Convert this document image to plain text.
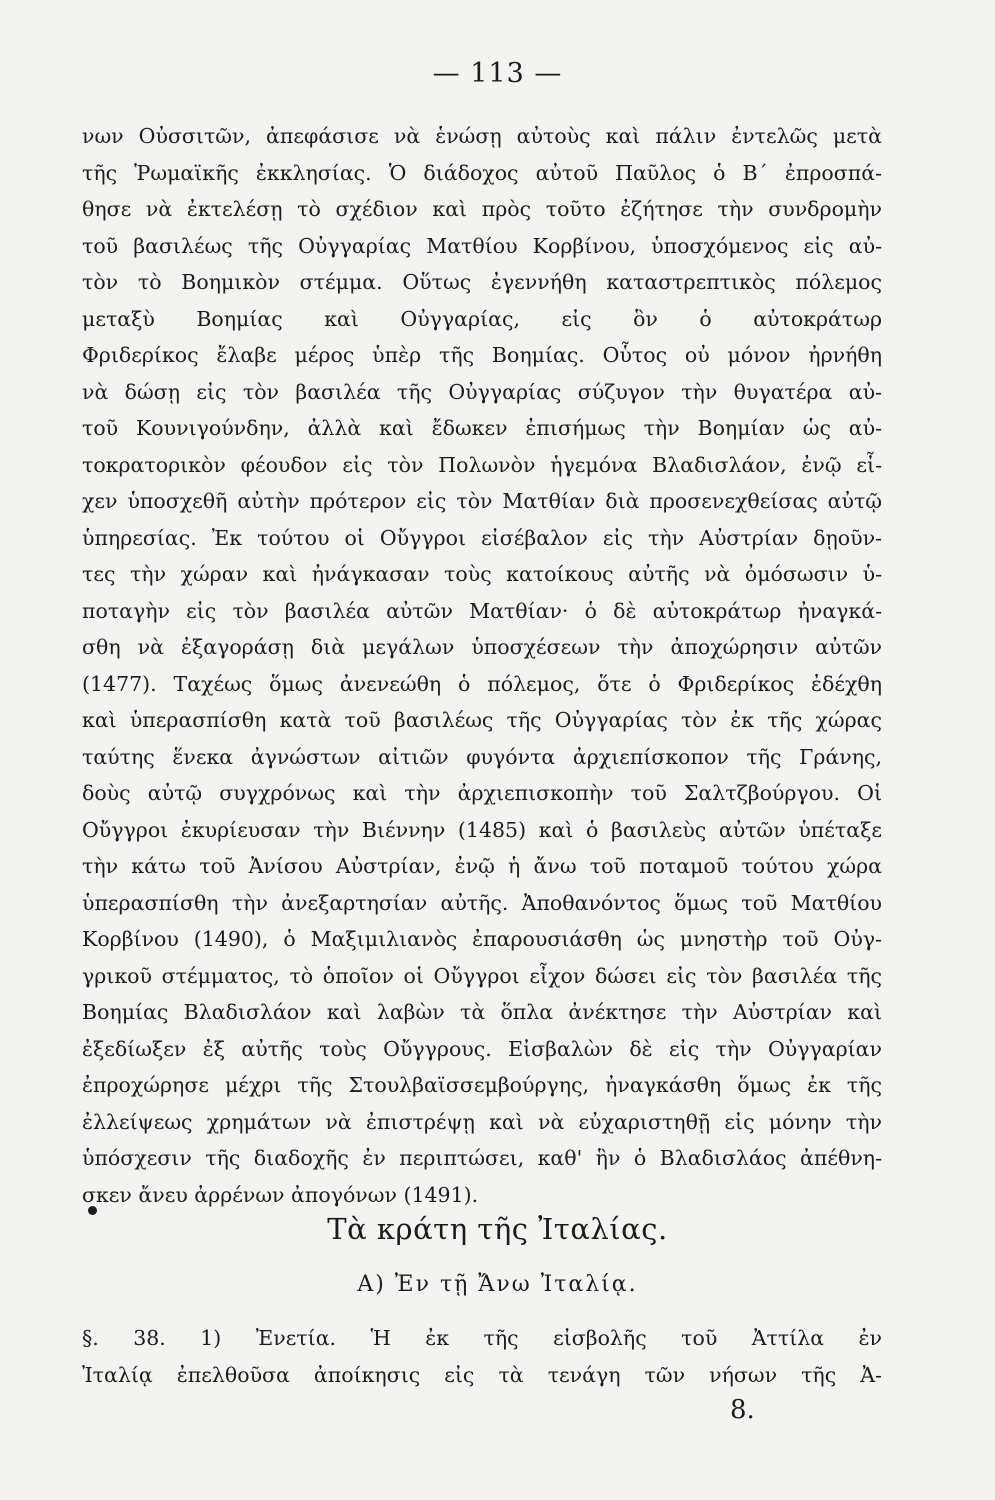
— 113 —
νων Οὐσσιτῶν, ἀπεφάσισε νὰ ἑνώσῃ αὐτοὺς καὶ πάλιν ἐντελῶς μετὰ
τῆς Ῥωμαϊκῆς ἐκκλησίας. Ὁ διάδοχος αὐτοῦ Παῦλος ὁ Β´ ἐπροσπά-
θησε νὰ ἐκτελέσῃ τὸ σχέδιον καὶ πρὸς τοῦτο ἐζήτησε τὴν συνδρομὴν
τοῦ βασιλέως τῆς Οὐγγαρίας Ματθίου Κορβίνου, ὑποσχόμενος εἰς αὐ-
τὸν τὸ Βοημικὸν στέμμα. Οὕτως ἐγεννήθη καταστρεπτικὸς πόλεμος
μεταξὺ Βοημίας καὶ Οὐγγαρίας, εἰς ὃν ὁ αὐτοκράτωρ
Φριδερίκος ἔλαβε μέρος ὑπὲρ τῆς Βοημίας. Οὗτος οὐ μόνον ἠρνήθη
νὰ δώσῃ εἰς τὸν βασιλέα τῆς Οὐγγαρίας σύζυγον τὴν θυγατέρα αὐ-
τοῦ Κουνιγούνδην, ἀλλὰ καὶ ἔδωκεν ἐπισήμως τὴν Βοημίαν ὡς αὐ-
τοκρατορικὸν φέουδον εἰς τὸν Πολωνὸν ἡγεμόνα Βλαδισλάον, ἐνῷ εἶ-
χεν ὑποσχεθῆ αὐτὴν πρότερον εἰς τὸν Ματθίαν διὰ προσενεχθείσας αὐτῷ
ὑπηρεσίας. Ἐκ τούτου οἱ Οὔγγροι εἰσέβαλον εἰς τὴν Αὐστρίαν δῃοῦν-
τες τὴν χώραν καὶ ἠνάγκασαν τοὺς κατοίκους αὐτῆς νὰ ὀμόσωσιν ὑ-
ποταγὴν εἰς τὸν βασιλέα αὐτῶν Ματθίαν· ὁ δὲ αὐτοκράτωρ ἠναγκά-
σθη νὰ ἐξαγοράσῃ διὰ μεγάλων ὑποσχέσεων τὴν ἀποχώρησιν αὐτῶν
(1477). Ταχέως ὅμως ἀνενεώθη ὁ πόλεμος, ὅτε ὁ Φριδερίκος ἐδέχθη
καὶ ὑπερασπίσθη κατὰ τοῦ βασιλέως τῆς Οὐγγαρίας τὸν ἐκ τῆς χώρας
ταύτης ἕνεκα ἀγνώστων αἰτιῶν φυγόντα ἀρχιεπίσκοπον τῆς Γράνης,
δοὺς αὐτῷ συγχρόνως καὶ τὴν ἀρχιεπισκοπὴν τοῦ Σαλτζβούργου. Οἱ
Οὔγγροι ἐκυρίευσαν τὴν Βιέννην (1485) καὶ ὁ βασιλεὺς αὐτῶν ὑπέταξε
τὴν κάτω τοῦ Ἀνίσου Αὐστρίαν, ἐνῷ ἡ ἄνω τοῦ ποταμοῦ τούτου χώρα
ὑπερασπίσθη τὴν ἀνεξαρτησίαν αὐτῆς. Ἀποθανόντος ὅμως τοῦ Ματθίου
Κορβίνου (1490), ὁ Μαξιμιλιανὸς ἐπαρουσιάσθη ὡς μνηστὴρ τοῦ Οὐγ-
γρικοῦ στέμματος, τὸ ὁποῖον οἱ Οὔγγροι εἶχον δώσει εἰς τὸν βασιλέα τῆς
Βοημίας Βλαδισλάον καὶ λαβὼν τὰ ὅπλα ἀνέκτησε τὴν Αὐστρίαν καὶ
ἐξεδίωξεν ἐξ αὐτῆς τοὺς Οὔγγρους. Εἰσβαλὼν δὲ εἰς τὴν Οὐγγαρίαν
ἐπροχώρησε μέχρι τῆς Στουλβαϊσσεμβούργης, ἠναγκάσθη ὅμως ἐκ τῆς
ἐλλείψεως χρημάτων νὰ ἐπιστρέψῃ καὶ νὰ εὐχαριστηθῇ εἰς μόνην τὴν
ὑπόσχεσιν τῆς διαδοχῆς ἐν περιπτώσει, καθ' ἣν ὁ Βλαδισλάος ἀπέθνη-
σκεν ἄνευ ἀρρένων ἀπογόνων (1491).
Τὰ κράτη τῆς Ἰταλίας.
Α) Ἐν τῇ Ἄνω Ἰταλίᾳ.
§. 38. 1) Ἐνετία. Ἡ ἐκ τῆς εἰσβολῆς τοῦ Ἀττίλα ἐν
Ἰταλίᾳ ἐπελθοῦσα ἀποίκησις εἰς τὰ τενάγη τῶν νήσων τῆς Ἀ-
8.
